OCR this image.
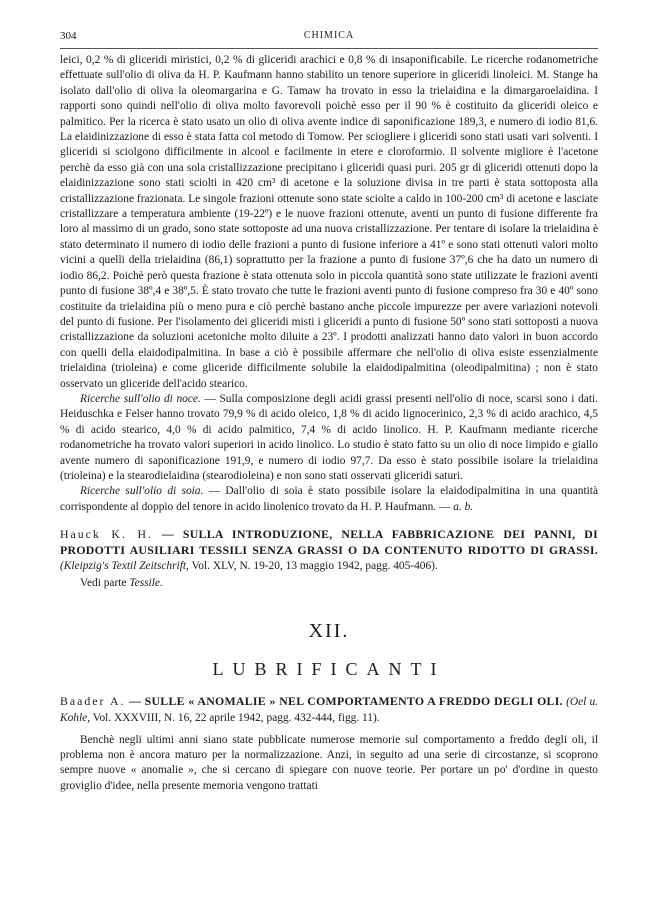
304	CHIMICA

leici, 0,2 % di gliceridi miristici, 0,2 % di gliceridi arachici e 0,8 % di insaponificabile. Le ricerche rodanometriche effettuate sull'olio di oliva da H. P. Kaufmann hanno stabilito un tenore superiore in gliceridi linoleici. M. Stange ha isolato dall'olio di oliva la oleomargarina e G. Tamaw ha trovato in esso la trielaidina e la dimargaroelaidina. I rapporti sono quindi nell'olio di oliva molto favorevoli poichè esso per il 90 % è costituito da gliceridi oleico e palmitico. Per la ricerca è stato usato un olio di oliva avente indice di saponificazione 189,3, e numero di iodio 81,6. La elaidinizzazione di esso è stata fatta col metodo di Tomow. Per sciogliere i gliceridi sono stati usati vari solventi. I gliceridi si sciolgono difficilmente in alcool e facilmente in etere e cloroformio. Il solvente migliore è l'acetone perchè da esso già con una sola cristallizzazione precipitano i gliceridi quasi puri. 205 gr di gliceridi ottenuti dopo la elaidinizzazione sono stati sciolti in 420 cm³ di acetone e la soluzione divisa in tre parti è stata sottoposta alla cristallizzazione frazionata. Le singole frazioni ottenute sono state sciolte a caldo in 100-200 cm³ di acetone e lasciate cristallizzare a temperatura ambiente (19-22º) e le nuove frazioni ottenute, aventi un punto di fusione differente fra loro al massimo di un grado, sono state sottoposte ad una nuova cristallizzazione. Per tentare di isolare la trielaidina è stato determinato il numero di iodio delle frazioni a punto di fusione inferiore a 41º e sono stati ottenuti valori molto vicini a quelli della trielaidina (86,1) soprattutto per la frazione a punto di fusione 37º,6 che ha dato un numero di iodio 86,2. Poichè però questa frazione è stata ottenuta solo in piccola quantità sono state utilizzate le frazioni aventi punto di fusione 38º,4 e 38º,5. È stato trovato che tutte le frazioni aventi punto di fusione compreso fra 30 e 40º sono costituite da trielaidina più o meno pura e ciò perchè bastano anche piccole impurezze per avere variazioni notevoli del punto di fusione. Per l'isolamento dei gliceridi misti i gliceridi a punto di fusione 50º sono stati sottoposti a nuova cristallizzazione da soluzioni acetoniche molto diluite a 23º. I prodotti analizzati hanno dato valori in buon accordo con quelli della elaidodipalmitina. In base a ciò è possibile affermare che nell'olio di oliva esiste essenzialmente trielaidina (trioleina) e come gliceride difficilmente solubile la elaidodipalmitina (oleodipalmitina) ; non è stato osservato un gliceride dell'acido stearico.

Ricerche sull'olio di noce. — Sulla composizione degli acidi grassi presenti nell'olio di noce, scarsi sono i dati. Heiduschka e Felser hanno trovato 79,9 % di acido oleico, 1,8 % di acido lignocerinico, 2,3 % di acido arachico, 4,5 % di acido stearico, 4,0 % di acido palmitico, 7,4 % di acido linolico. H. P. Kaufmann mediante ricerche rodanometriche ha trovato valori superiori in acido linolico. Lo studio è stato fatto su un olio di noce limpido e giallo avente numero di saponificazione 191,9, e numero di iodio 97,7. Da esso è stato possibile isolare la trielaidina (trioleina) e la stearodielaidina (stearodioleina) e non sono stati osservati gliceridi saturi.

Ricerche sull'olio di soia. — Dall'olio di soia è stato possibile isolare la elaidodipalmitina in una quantità corrispondente al doppio del tenore in acido linolenico trovato da H. P. Haufmann. — a. b.

Hauck K. H. — SULLA INTRODUZIONE, NELLA FABBRICAZIONE DEI PANNI, DI PRODOTTI AUSILIARI TESSILI SENZA GRASSI O DA CONTENUTO RIDOTTO DI GRASSI. (Kleipzig's Textil Zeitschrift, Vol. XLV, N. 19-20, 13 maggio 1942, pagg. 405-406).

Vedi parte Tessile.

XII.
LUBRIFICANTI
Baader A. — SULLE « ANOMALIE » NEL COMPORTAMENTO A FREDDO DEGLI OLI. (Oel u. Kohle, Vol. XXXVIII, N. 16, 22 aprile 1942, pagg. 432-444, figg. 11).

Benchè negli ultimi anni siano state pubblicate numerose memorie sul comportamento a freddo degli oli, il problema non è ancora maturo per la normalizzazione. Anzi, in seguito ad una serie di circostanze, si scoprono sempre nuove « anomalie », che si cercano di spiegare con nuove teorie. Per portare un po' d'ordine in questo groviglio d'idee, nella presente memoria vengono trattati
